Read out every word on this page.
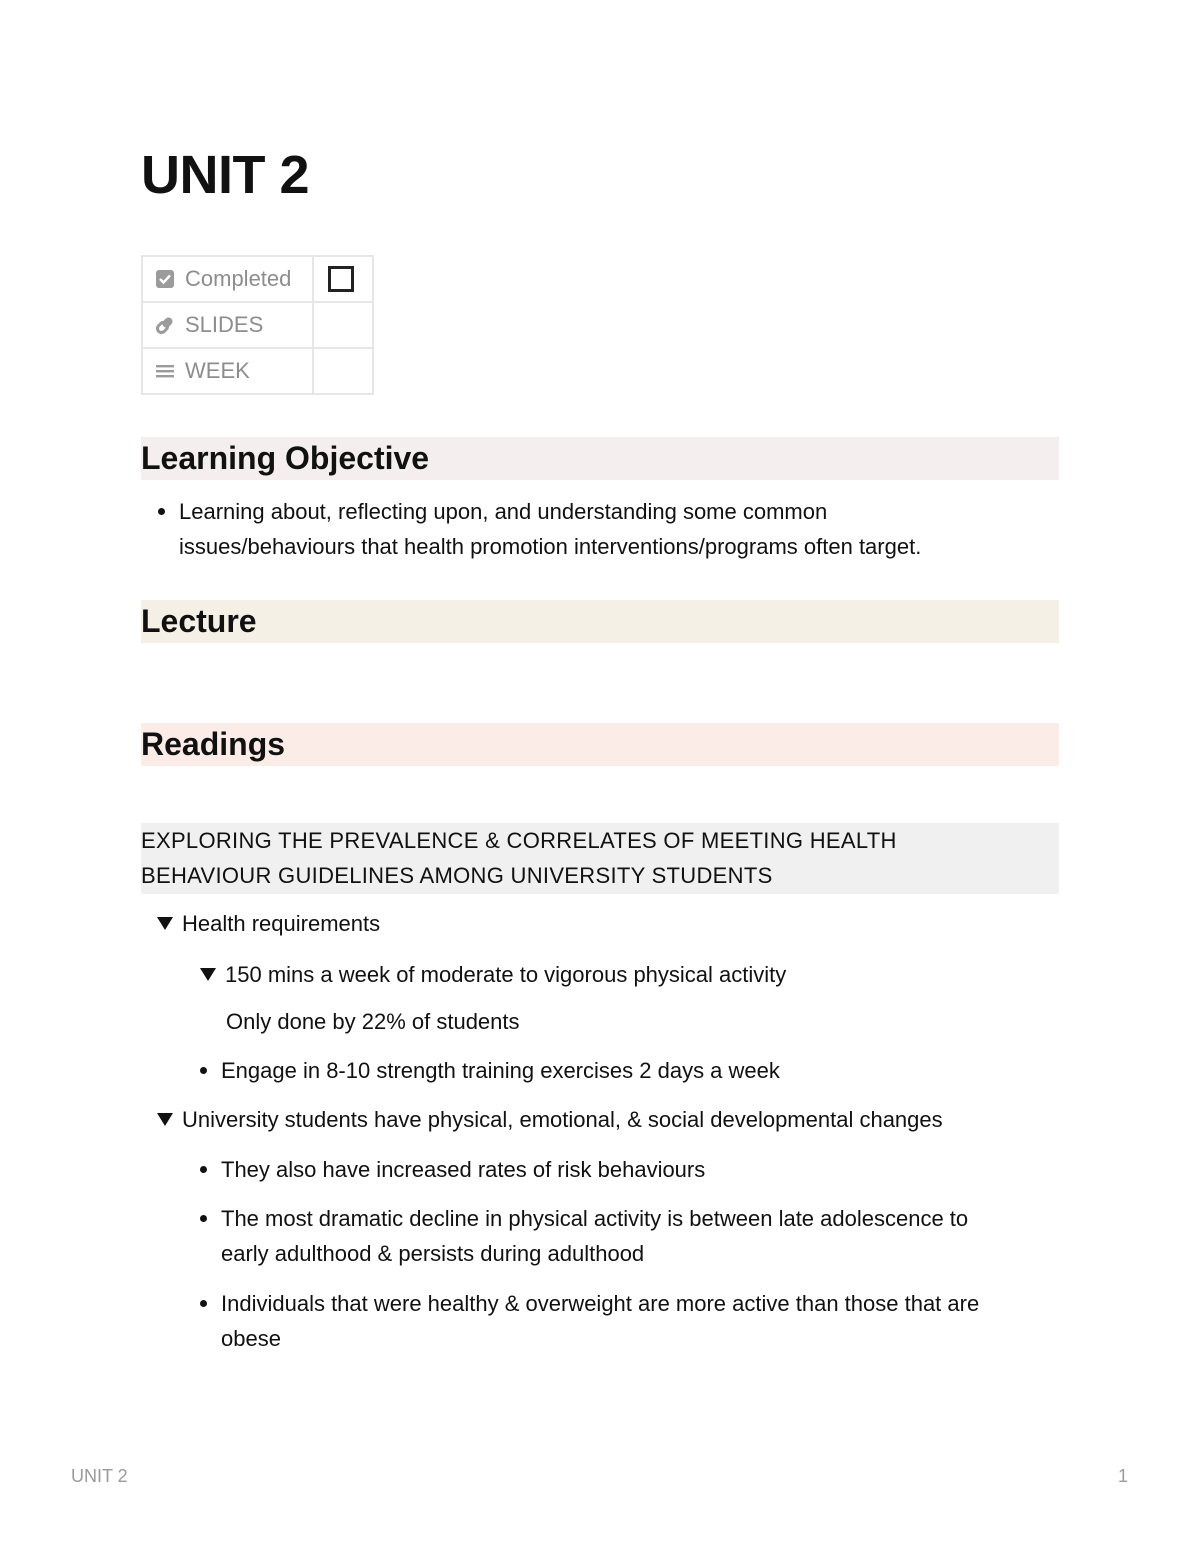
UNIT 2
Completed	

SLIDES	

WEEK	

Learning Objective
Learning about, reflecting upon, and understanding some common
issues/behaviours that health promotion interventions/programs often target.
Lecture
Readings
EXPLORING THE PREVALENCE & CORRELATES OF MEETING HEALTH
BEHAVIOUR GUIDELINES AMONG UNIVERSITY STUDENTS
Health requirements
150 mins a week of moderate to vigorous physical activity
Only done by 22% of students
Engage in 8-10 strength training exercises 2 days a week
University students have physical, emotional, & social developmental changes
They also have increased rates of risk behaviours
The most dramatic decline in physical activity is between late adolescence to
early adulthood & persists during adulthood
Individuals that were healthy & overweight are more active than those that are
obese
UNIT 2	1
